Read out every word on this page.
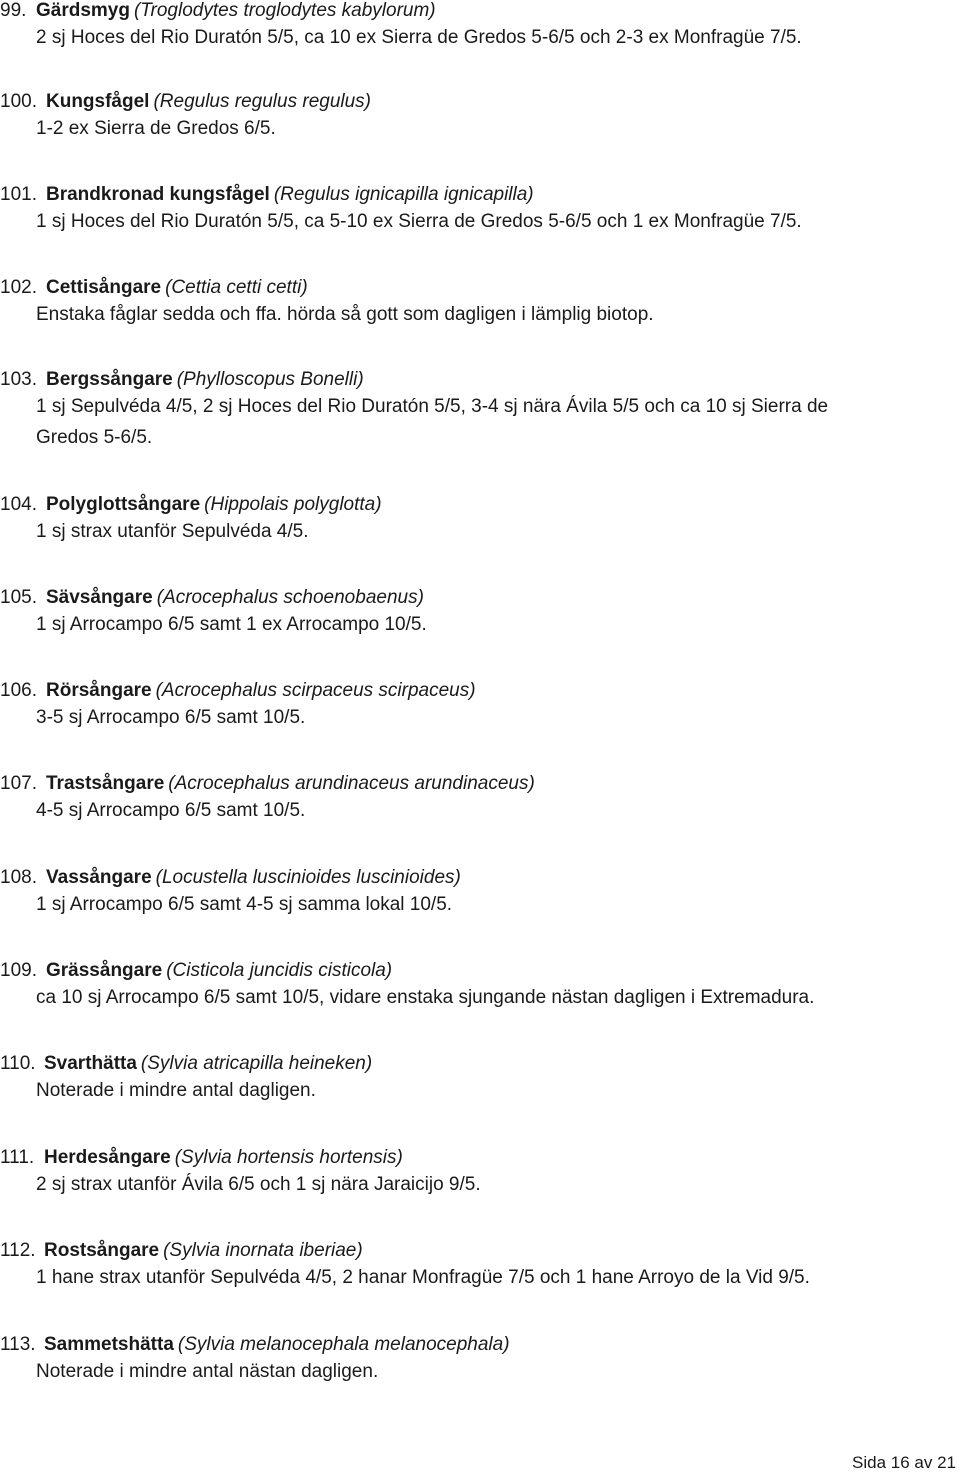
99. Gärdsmyg (Troglodytes troglodytes kabylorum)
2 sj Hoces del Rio Duratón 5/5, ca 10 ex Sierra de Gredos 5-6/5 och 2-3 ex Monfragüe 7/5.
100. Kungsfågel (Regulus regulus regulus)
1-2 ex Sierra de Gredos 6/5.
101. Brandkronad kungsfågel (Regulus ignicapilla ignicapilla)
1 sj Hoces del Rio Duratón 5/5, ca 5-10 ex Sierra de Gredos 5-6/5 och 1 ex Monfragüe 7/5.
102. Cettisångare (Cettia cetti cetti)
Enstaka fåglar sedda och ffa. hörda så gott som dagligen i lämplig biotop.
103. Bergssångare (Phylloscopus Bonelli)
1 sj Sepulvéda 4/5, 2 sj Hoces del Rio Duratón 5/5, 3-4 sj nära Ávila 5/5 och ca 10 sj Sierra de
Gredos 5-6/5.
104. Polyglottsångare (Hippolais polyglotta)
1 sj strax utanför Sepulvéda 4/5.
105. Sävsångare (Acrocephalus schoenobaenus)
1 sj Arrocampo 6/5 samt 1 ex Arrocampo 10/5.
106. Rörsångare (Acrocephalus scirpaceus scirpaceus)
3-5 sj Arrocampo 6/5 samt 10/5.
107. Trastsångare (Acrocephalus arundinaceus arundinaceus)
4-5 sj Arrocampo 6/5 samt 10/5.
108. Vassångare (Locustella luscinioides luscinioides)
1 sj Arrocampo 6/5 samt 4-5 sj samma lokal 10/5.
109. Grässångare (Cisticola juncidis cisticola)
ca 10 sj Arrocampo 6/5 samt 10/5, vidare enstaka sjungande nästan dagligen i Extremadura.
110. Svarthätta (Sylvia atricapilla heineken)
Noterade i mindre antal dagligen.
111. Herdesångare (Sylvia hortensis hortensis)
2 sj strax utanför Ávila 6/5 och 1 sj nära Jaraicijo 9/5.
112. Rostsångare (Sylvia inornata iberiae)
1 hane strax utanför Sepulvéda 4/5, 2 hanar Monfragüe 7/5 och 1 hane Arroyo de la Vid 9/5.
113. Sammetshätta (Sylvia melanocephala melanocephala)
Noterade i mindre antal nästan dagligen.
Sida 16 av 21
